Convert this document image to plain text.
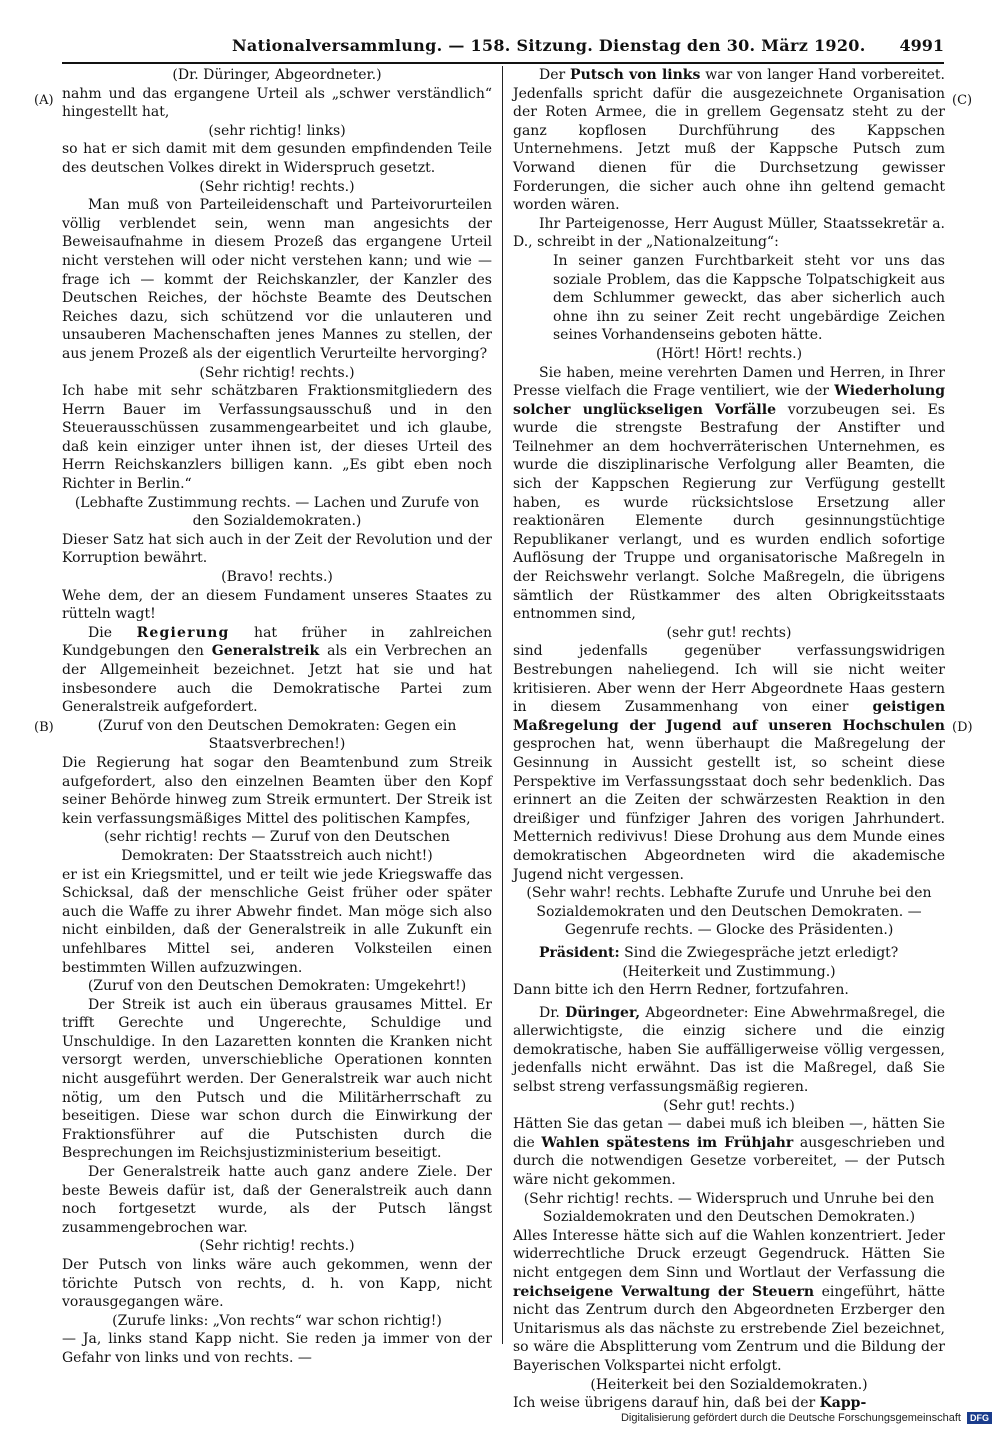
Nationalversammlung. — 158. Sitzung. Dienstag den 30. März 1920. 4991
(A)
(B)
(C)
(D)

(Dr. Düringer, Abgeordneter.)

nahm und das ergangene Urteil als „schwer verständlich“ hingestellt hat,

(sehr richtig! links)

so hat er sich damit mit dem gesunden empfindenden Teile des deutschen Volkes direkt in Widerspruch gesetzt.

(Sehr richtig! rechts.)

Man muß von Parteileidenschaft und Parteivorurteilen völlig verblendet sein, wenn man angesichts der Beweisaufnahme in diesem Prozeß das ergangene Urteil nicht verstehen will oder nicht verstehen kann; und wie — frage ich — kommt der Reichskanzler, der Kanzler des Deutschen Reiches, der höchste Beamte des Deutschen Reiches dazu, sich schützend vor die unlauteren und unsauberen Machenschaften jenes Mannes zu stellen, der aus jenem Prozeß als der eigentlich Verurteilte hervorging?

(Sehr richtig! rechts.)

Ich habe mit sehr schätzbaren Fraktionsmitgliedern des Herrn Bauer im Verfassungsausschuß und in den Steuerausschüssen zusammengearbeitet und ich glaube, daß kein einziger unter ihnen ist, der dieses Urteil des Herrn Reichskanzlers billigen kann. „Es gibt eben noch Richter in Berlin.“

(Lebhafte Zustimmung rechts. — Lachen und Zurufe von den Sozialdemokraten.)

Dieser Satz hat sich auch in der Zeit der Revolution und der Korruption bewährt.

(Bravo! rechts.)

Wehe dem, der an diesem Fundament unseres Staates zu rütteln wagt!

Die Regierung hat früher in zahlreichen Kundgebungen den Generalstreik als ein Verbrechen an der Allgemeinheit bezeichnet. Jetzt hat sie und hat insbesondere auch die Demokratische Partei zum Generalstreik aufgefordert.

(Zuruf von den Deutschen Demokraten: Gegen ein Staatsverbrechen!)

Die Regierung hat sogar den Beamtenbund zum Streik aufgefordert, also den einzelnen Beamten über den Kopf seiner Behörde hinweg zum Streik ermuntert. Der Streik ist kein verfassungsmäßiges Mittel des politischen Kampfes,

(sehr richtig! rechts — Zuruf von den Deutschen Demokraten: Der Staatsstreich auch nicht!)

er ist ein Kriegsmittel, und er teilt wie jede Kriegswaffe das Schicksal, daß der menschliche Geist früher oder später auch die Waffe zu ihrer Abwehr findet. Man möge sich also nicht einbilden, daß der Generalstreik in alle Zukunft ein unfehlbares Mittel sei, anderen Volksteilen einen bestimmten Willen aufzuzwingen.

(Zuruf von den Deutschen Demokraten: Umgekehrt!)

Der Streik ist auch ein überaus grausames Mittel. Er trifft Gerechte und Ungerechte, Schuldige und Unschuldige. In den Lazaretten konnten die Kranken nicht versorgt werden, unverschiebliche Operationen konnten nicht ausgeführt werden. Der Generalstreik war auch nicht nötig, um den Putsch und die Militärherrschaft zu beseitigen. Diese war schon durch die Einwirkung der Fraktionsführer auf die Putschisten durch die Besprechungen im Reichsjustizministerium beseitigt.

Der Generalstreik hatte auch ganz andere Ziele. Der beste Beweis dafür ist, daß der Generalstreik auch dann noch fortgesetzt wurde, als der Putsch längst zusammengebrochen war.

(Sehr richtig! rechts.)

Der Putsch von links wäre auch gekommen, wenn der törichte Putsch von rechts, d. h. von Kapp, nicht vorausgegangen wäre.

(Zurufe links: „Von rechts“ war schon richtig!)

— Ja, links stand Kapp nicht. Sie reden ja immer von der Gefahr von links und von rechts. —

Der Putsch von links war von langer Hand vorbereitet. Jedenfalls spricht dafür die ausgezeichnete Organisation der Roten Armee, die in grellem Gegensatz steht zu der ganz kopflosen Durchführung des Kappschen Unternehmens. Jetzt muß der Kappsche Putsch zum Vorwand dienen für die Durchsetzung gewisser Forderungen, die sicher auch ohne ihn geltend gemacht worden wären.

Ihr Parteigenosse, Herr August Müller, Staatssekretär a. D., schreibt in der „Nationalzeitung“:

In seiner ganzen Furchtbarkeit steht vor uns das soziale Problem, das die Kappsche Tolpatschigkeit aus dem Schlummer geweckt, das aber sicherlich auch ohne ihn zu seiner Zeit recht ungebärdige Zeichen seines Vorhandenseins geboten hätte.

(Hört! Hört! rechts.)

Sie haben, meine verehrten Damen und Herren, in Ihrer Presse vielfach die Frage ventiliert, wie der Wiederholung solcher unglückseligen Vorfälle vorzubeugen sei. Es wurde die strengste Bestrafung der Anstifter und Teilnehmer an dem hochverräterischen Unternehmen, es wurde die disziplinarische Verfolgung aller Beamten, die sich der Kappschen Regierung zur Verfügung gestellt haben, es wurde rücksichtslose Ersetzung aller reaktionären Elemente durch gesinnungstüchtige Republikaner verlangt, und es wurden endlich sofortige Auflösung der Truppe und organisatorische Maßregeln in der Reichswehr verlangt. Solche Maßregeln, die übrigens sämtlich der Rüstkammer des alten Obrigkeitsstaats entnommen sind,

(sehr gut! rechts)

sind jedenfalls gegenüber verfassungswidrigen Bestrebungen naheliegend. Ich will sie nicht weiter kritisieren. Aber wenn der Herr Abgeordnete Haas gestern in diesem Zusammenhang von einer geistigen Maßregelung der Jugend auf unseren Hochschulen gesprochen hat, wenn überhaupt die Maßregelung der Gesinnung in Aussicht gestellt ist, so scheint diese Perspektive im Verfassungsstaat doch sehr bedenklich. Das erinnert an die Zeiten der schwärzesten Reaktion in den dreißiger und fünfziger Jahren des vorigen Jahrhundert. Metternich redivivus! Diese Drohung aus dem Munde eines demokratischen Abgeordneten wird die akademische Jugend nicht vergessen.

(Sehr wahr! rechts. Lebhafte Zurufe und Unruhe bei den Sozialdemokraten und den Deutschen Demokraten. — Gegenrufe rechts. — Glocke des Präsidenten.)

Präsident: Sind die Zwiegespräche jetzt erledigt?

(Heiterkeit und Zustimmung.)

Dann bitte ich den Herrn Redner, fortzufahren.

Dr. Düringer, Abgeordneter: Eine Abwehrmaßregel, die allerwichtigste, die einzig sichere und die einzig demokratische, haben Sie auffälligerweise völlig vergessen, jedenfalls nicht erwähnt. Das ist die Maßregel, daß Sie selbst streng verfassungsmäßig regieren.

(Sehr gut! rechts.)

Hätten Sie das getan — dabei muß ich bleiben —, hätten Sie die Wahlen spätestens im Frühjahr ausgeschrieben und durch die notwendigen Gesetze vorbereitet, — der Putsch wäre nicht gekommen.

(Sehr richtig! rechts. — Widerspruch und Unruhe bei den Sozialdemokraten und den Deutschen Demokraten.)

Alles Interesse hätte sich auf die Wahlen konzentriert. Jeder widerrechtliche Druck erzeugt Gegendruck. Hätten Sie nicht entgegen dem Sinn und Wortlaut der Verfassung die reichseigene Verwaltung der Steuern eingeführt, hätte nicht das Zentrum durch den Abgeordneten Erzberger den Unitarismus als das nächste zu erstrebende Ziel bezeichnet, so wäre die Absplitterung vom Zentrum und die Bildung der Bayerischen Volkspartei nicht erfolgt.

(Heiterkeit bei den Sozialdemokraten.)

Ich weise übrigens darauf hin, daß bei der Kapp-

Digitalisierung gefördert durch die Deutsche Forschungsgemeinschaft DFG
